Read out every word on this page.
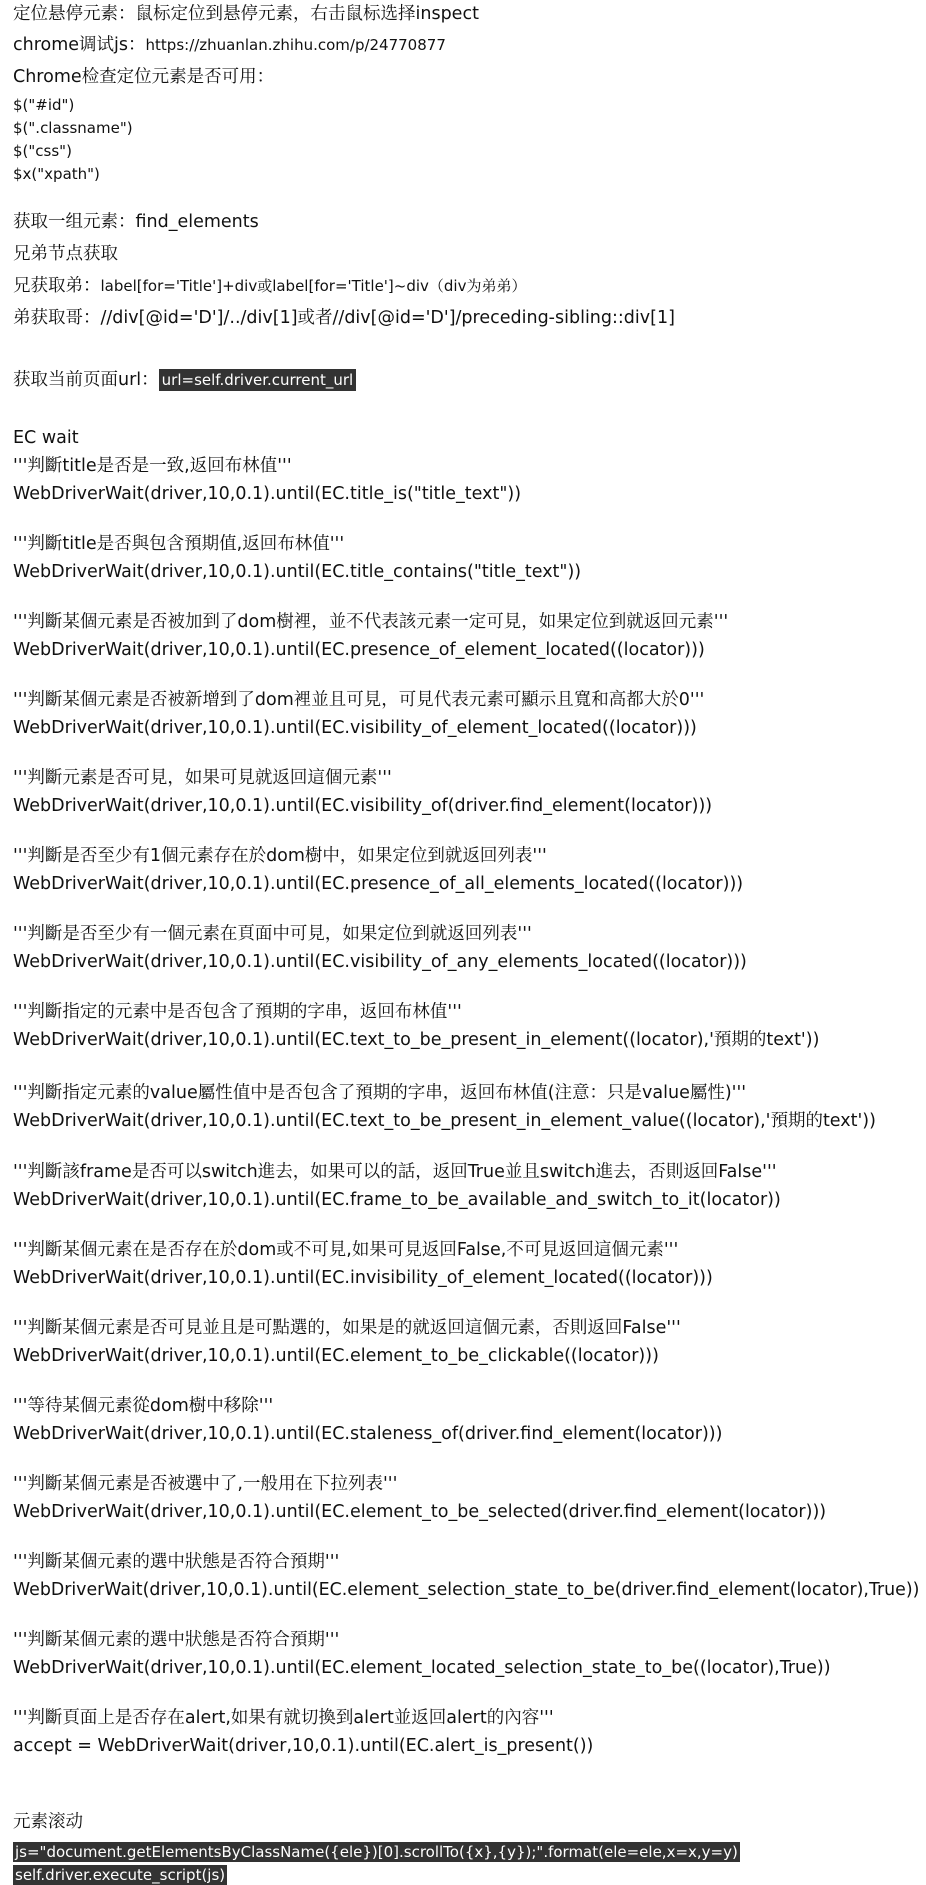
定位悬停元素：鼠标定位到悬停元素，右击鼠标选择inspect
chrome调试js：https://zhuanlan.zhihu.com/p/24770877
Chrome检查定位元素是否可用：
$("#id")
$(".classname")
$("css")
$x("xpath")
获取一组元素：find_elements
兄弟节点获取
兄获取弟：label[for='Title']+div或label[for='Title']~div（div为弟弟）
弟获取哥：//div[@id='D']/../div[1]或者//div[@id='D']/preceding-sibling::div[1]
获取当前页面url： url=self.driver.current_url
EC wait
'''判斷title是否是一致,返回布林值'''
WebDriverWait(driver,10,0.1).until(EC.title_is("title_text"))
'''判斷title是否與包含預期值,返回布林值'''
WebDriverWait(driver,10,0.1).until(EC.title_contains("title_text"))
'''判斷某個元素是否被加到了dom樹裡，並不代表該元素一定可見，如果定位到就返回元素'''
WebDriverWait(driver,10,0.1).until(EC.presence_of_element_located((locator)))
'''判斷某個元素是否被新增到了dom裡並且可見，可見代表元素可顯示且寬和高都大於0'''
WebDriverWait(driver,10,0.1).until(EC.visibility_of_element_located((locator)))
'''判斷元素是否可見，如果可見就返回這個元素'''
WebDriverWait(driver,10,0.1).until(EC.visibility_of(driver.find_element(locator)))
'''判斷是否至少有1個元素存在於dom樹中，如果定位到就返回列表'''
WebDriverWait(driver,10,0.1).until(EC.presence_of_all_elements_located((locator)))
'''判斷是否至少有一個元素在頁面中可見，如果定位到就返回列表'''
WebDriverWait(driver,10,0.1).until(EC.visibility_of_any_elements_located((locator)))
'''判斷指定的元素中是否包含了預期的字串，返回布林值'''
WebDriverWait(driver,10,0.1).until(EC.text_to_be_present_in_element((locator),'預期的text'))
'''判斷指定元素的value屬性值中是否包含了預期的字串，返回布林值(注意：只是value屬性)'''
WebDriverWait(driver,10,0.1).until(EC.text_to_be_present_in_element_value((locator),'預期的text'))
'''判斷該frame是否可以switch進去，如果可以的話，返回True並且switch進去，否則返回False'''
WebDriverWait(driver,10,0.1).until(EC.frame_to_be_available_and_switch_to_it(locator))
'''判斷某個元素在是否存在於dom或不可見,如果可見返回False,不可見返回這個元素'''
WebDriverWait(driver,10,0.1).until(EC.invisibility_of_element_located((locator)))
'''判斷某個元素是否可見並且是可點選的，如果是的就返回這個元素，否則返回False'''
WebDriverWait(driver,10,0.1).until(EC.element_to_be_clickable((locator)))
'''等待某個元素從dom樹中移除'''
WebDriverWait(driver,10,0.1).until(EC.staleness_of(driver.find_element(locator)))
'''判斷某個元素是否被選中了,一般用在下拉列表'''
WebDriverWait(driver,10,0.1).until(EC.element_to_be_selected(driver.find_element(locator)))
'''判斷某個元素的選中狀態是否符合預期'''
WebDriverWait(driver,10,0.1).until(EC.element_selection_state_to_be(driver.find_element(locator),True))
'''判斷某個元素的選中狀態是否符合預期'''
WebDriverWait(driver,10,0.1).until(EC.element_located_selection_state_to_be((locator),True))
'''判斷頁面上是否存在alert,如果有就切換到alert並返回alert的內容'''
accept = WebDriverWait(driver,10,0.1).until(EC.alert_is_present())
元素滚动
js="document.getElementsByClassName({ele})[0].scrollTo({x},{y});".format(ele=ele,x=x,y=y)
self.driver.execute_script(js)
